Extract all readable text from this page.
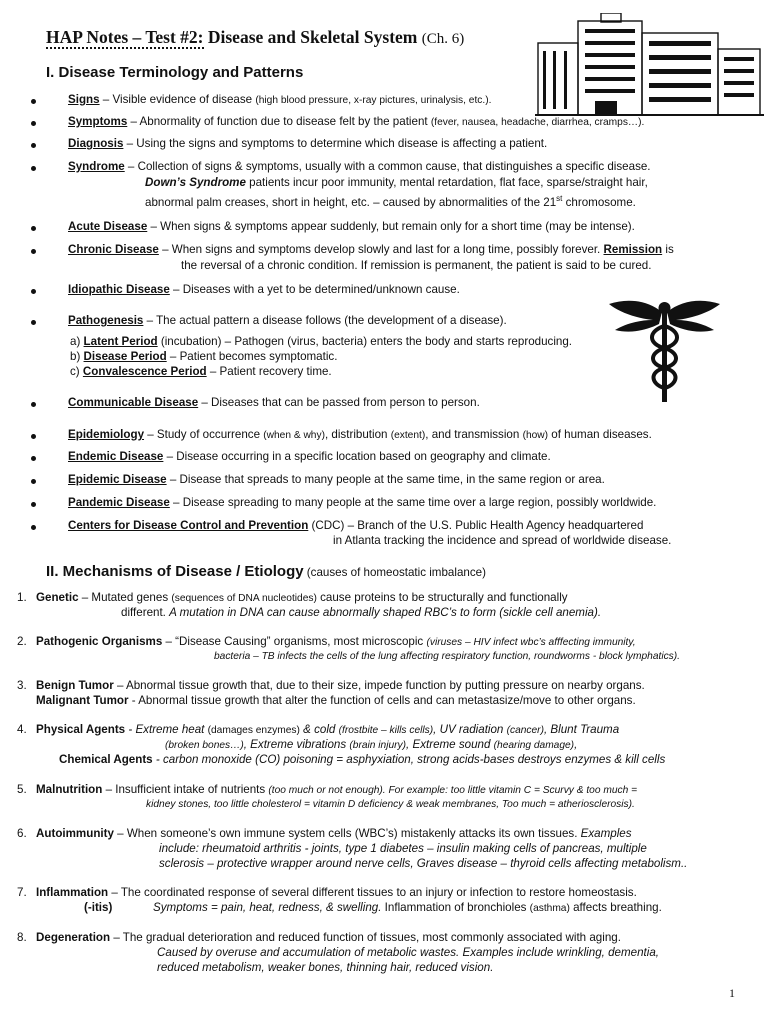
HAP Notes – Test #2: Disease and Skeletal System (Ch. 6)
I. Disease Terminology and Patterns
Signs – Visible evidence of disease (high blood pressure, x-ray pictures, urinalysis, etc.).
Symptoms – Abnormality of function due to disease felt by the patient (fever, nausea, headache, diarrhea, cramps…).
Diagnosis – Using the signs and symptoms to determine which disease is affecting a patient.
Syndrome – Collection of signs & symptoms, usually with a common cause, that distinguishes a specific disease.
Down’s Syndrome patients incur poor immunity, mental retardation, flat face, sparse/straight hair,
abnormal palm creases, short in height, etc. – caused by abnormalities of the 21st chromosome.
Acute Disease – When signs & symptoms appear suddenly, but remain only for a short time (may be intense).
Chronic Disease – When signs and symptoms develop slowly and last for a long time, possibly forever. Remission is
the reversal of a chronic condition. If remission is permanent, the patient is said to be cured.
Idiopathic Disease – Diseases with a yet to be determined/unknown cause.
Pathogenesis – The actual pattern a disease follows (the development of a disease).
a) Latent Period (incubation) – Pathogen (virus, bacteria) enters the body and starts reproducing.
b) Disease Period – Patient becomes symptomatic.
c) Convalescence Period – Patient recovery time.
Communicable Disease – Diseases that can be passed from person to person.
Epidemiology – Study of occurrence (when & why), distribution (extent), and transmission (how) of human diseases.
Endemic Disease – Disease occurring in a specific location based on geography and climate.
Epidemic Disease – Disease that spreads to many people at the same time, in the same region or area.
Pandemic Disease – Disease spreading to many people at the same time over a large region, possibly worldwide.
Centers for Disease Control and Prevention (CDC) – Branch of the U.S. Public Health Agency headquartered
in Atlanta tracking the incidence and spread of worldwide disease.
II. Mechanisms of Disease / Etiology (causes of homeostatic imbalance)
1. Genetic – Mutated genes (sequences of DNA nucleotides) cause proteins to be structurally and functionally
different. A mutation in DNA can cause abnormally shaped RBC’s to form (sickle cell anemia).
2. Pathogenic Organisms – “Disease Causing” organisms, most microscopic (viruses – HIV infect wbc’s afffecting immunity,
bacteria – TB infects the cells of the lung affecting respiratory function, roundworms - block lymphatics).
3. Benign Tumor – Abnormal tissue growth that, due to their size, impede function by putting pressure on nearby organs.
Malignant Tumor - Abnormal tissue growth that alter the function of cells and can metastasize/move to other organs.
4. Physical Agents - Extreme heat (damages enzymes) & cold (frostbite – kills cells), UV radiation (cancer), Blunt Trauma
(broken bones…), Extreme vibrations (brain injury), Extreme sound (hearing damage),
Chemical Agents - carbon monoxide (CO) poisoning = asphyxiation, strong acids-bases destroys enzymes & kill cells
5. Malnutrition – Insufficient intake of nutrients (too much or not enough). For example: too little vitamin C = Scurvy & too much =
kidney stones, too little cholesterol = vitamin D deficiency & weak membranes, Too much = atheriosclerosis).
6. Autoimmunity – When someone’s own immune system cells (WBC’s) mistakenly attacks its own tissues. Examples
include: rheumatoid arthritis - joints, type 1 diabetes – insulin making cells of pancreas, multiple
sclerosis – protective wrapper around nerve cells, Graves disease – thyroid cells affecting metabolism..
7. Inflammation – The coordinated response of several different tissues to an injury or infection to restore homeostasis.
(-itis)	Symptoms = pain, heat, redness, & swelling. Inflammation of bronchioles (asthma) affects breathing.
8. Degeneration – The gradual deterioration and reduced function of tissues, most commonly associated with aging.
Caused by overuse and accumulation of metabolic wastes. Examples include wrinkling, dementia,
reduced metabolism, weaker bones, thinning hair, reduced vision.
1
